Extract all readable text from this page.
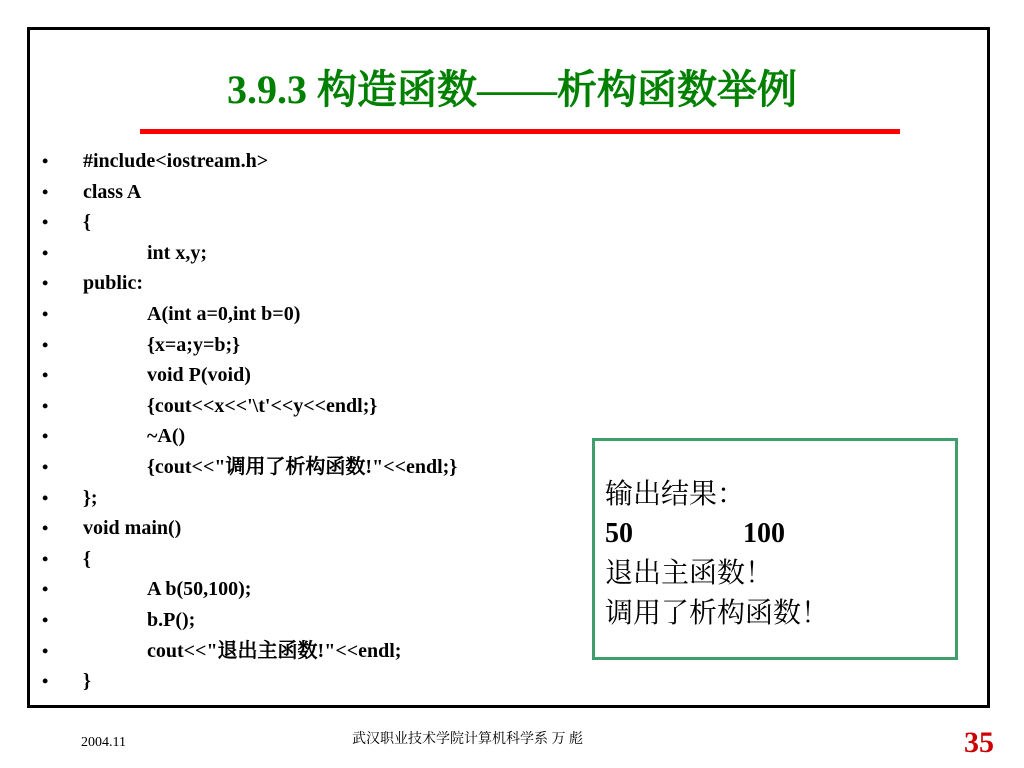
3.9.3 构造函数——析构函数举例
• #include<iostream.h>
• class A
• {
•	int x,y;
• public:
•	A(int a=0,int b=0)
•	{x=a;y=b;}
•	void P(void)
•	{cout<<x<<'\t'<<y<<endl;}
•	~A()
•	{cout<<"调用了析构函数!"<<endl;}
• };
• void main()
• {
•	A b(50,100);
•	b.P();
•	cout<<"退出主函数!"<<endl;
• }
输出结果：
50	100
退出主函数！
调用了析构函数！
2004.11	武汉职业技术学院计算机科学系 万 彪	35
